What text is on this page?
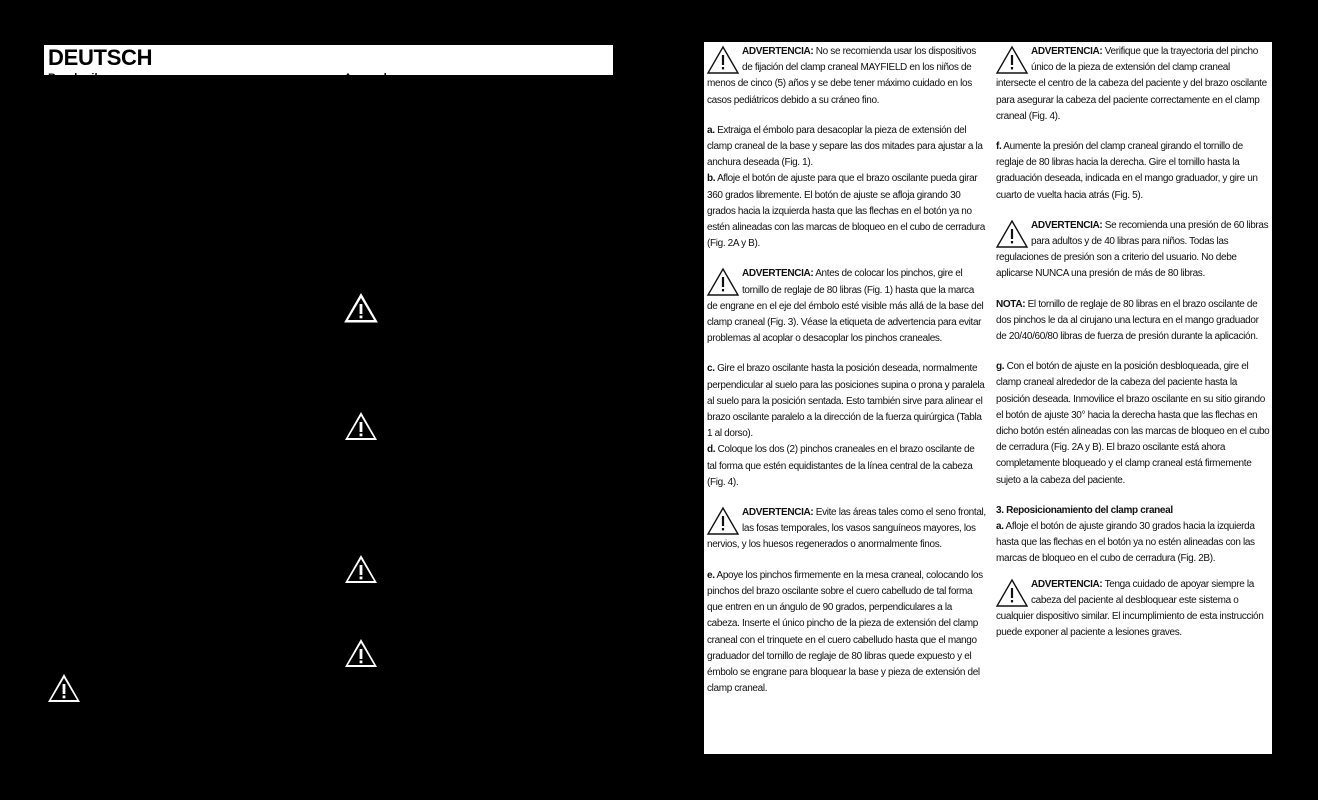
DEUTSCH
Beschreibung	Anwendung

ADVERTENCIA: No se recomienda usar los dispositivos de fijación del clamp craneal MAYFIELD en los niños de menos de cinco (5) años y se debe tener máximo cuidado en los casos pediátricos debido a su cráneo fino.

a. Extraiga el émbolo para desacoplar la pieza de extensión del clamp craneal de la base y separe las dos mitades para ajustar a la anchura deseada (Fig. 1).

b. Afloje el botón de ajuste para que el brazo oscilante pueda girar 360 grados libremente. El botón de ajuste se afloja girando 30 grados hacia la izquierda hasta que las flechas en el botón ya no estén alineadas con las marcas de bloqueo en el cubo de cerradura (Fig. 2A y B).

ADVERTENCIA: Antes de colocar los pinchos, gire el tornillo de reglaje de 80 libras (Fig. 1) hasta que la marca de engrane en el eje del émbolo esté visible más allá de la base del clamp craneal (Fig. 3). Véase la etiqueta de advertencia para evitar problemas al acoplar o desacoplar los pinchos craneales.

c. Gire el brazo oscilante hasta la posición deseada, normalmente perpendicular al suelo para las posiciones supina o prona y paralela al suelo para la posición sentada. Esto también sirve para alinear el brazo oscilante paralelo a la dirección de la fuerza quirúrgica (Tabla 1 al dorso).

d. Coloque los dos (2) pinchos craneales en el brazo oscilante de tal forma que estén equidistantes de la línea central de la cabeza (Fig. 4).

ADVERTENCIA: Evite las áreas tales como el seno frontal, las fosas temporales, los vasos sanguíneos mayores, los nervios, y los huesos regenerados o anormalmente finos.

e. Apoye los pinchos firmemente en la mesa craneal, colocando los pinchos del brazo oscilante sobre el cuero cabelludo de tal forma que entren en un ángulo de 90 grados, perpendiculares a la cabeza. Inserte el único pincho de la pieza de extensión del clamp craneal con el trinquete en el cuero cabelludo hasta que el mango graduador del tornillo de reglaje de 80 libras quede expuesto y el émbolo se engrane para bloquear la base y pieza de extensión del clamp craneal.

ADVERTENCIA: Verifique que la trayectoria del pincho único de la pieza de extensión del clamp craneal intersecte el centro de la cabeza del paciente y del brazo oscilante para asegurar la cabeza del paciente correctamente en el clamp craneal (Fig. 4).

f. Aumente la presión del clamp craneal girando el tornillo de reglaje de 80 libras hacia la derecha. Gire el tornillo hasta la graduación deseada, indicada en el mango graduador, y gire un cuarto de vuelta hacia atrás (Fig. 5).

ADVERTENCIA: Se recomienda una presión de 60 libras para adultos y de 40 libras para niños. Todas las regulaciones de presión son a criterio del usuario. No debe aplicarse NUNCA una presión de más de 80 libras.

NOTA: El tornillo de reglaje de 80 libras en el brazo oscilante de dos pinchos le da al cirujano una lectura en el mango graduador de 20/40/60/80 libras de fuerza de presión durante la aplicación.

g. Con el botón de ajuste en la posición desbloqueada, gire el clamp craneal alrededor de la cabeza del paciente hasta la posición deseada. Inmovilice el brazo oscilante en su sitio girando el botón de ajuste 30° hacia la derecha hasta que las flechas en dicho botón estén alineadas con las marcas de bloqueo en el cubo de cerradura (Fig. 2A y B). El brazo oscilante está ahora completamente bloqueado y el clamp craneal está firmemente sujeto a la cabeza del paciente.

3. Reposicionamiento del clamp craneal
a. Afloje el botón de ajuste girando 30 grados hacia la izquierda hasta que las flechas en el botón ya no estén alineadas con las marcas de bloqueo en el cubo de cerradura (Fig. 2B).

ADVERTENCIA: Tenga cuidado de apoyar siempre la cabeza del paciente al desbloquear este sistema o cualquier dispositivo similar. El incumplimiento de esta instrucción puede exponer al paciente a lesiones graves.
